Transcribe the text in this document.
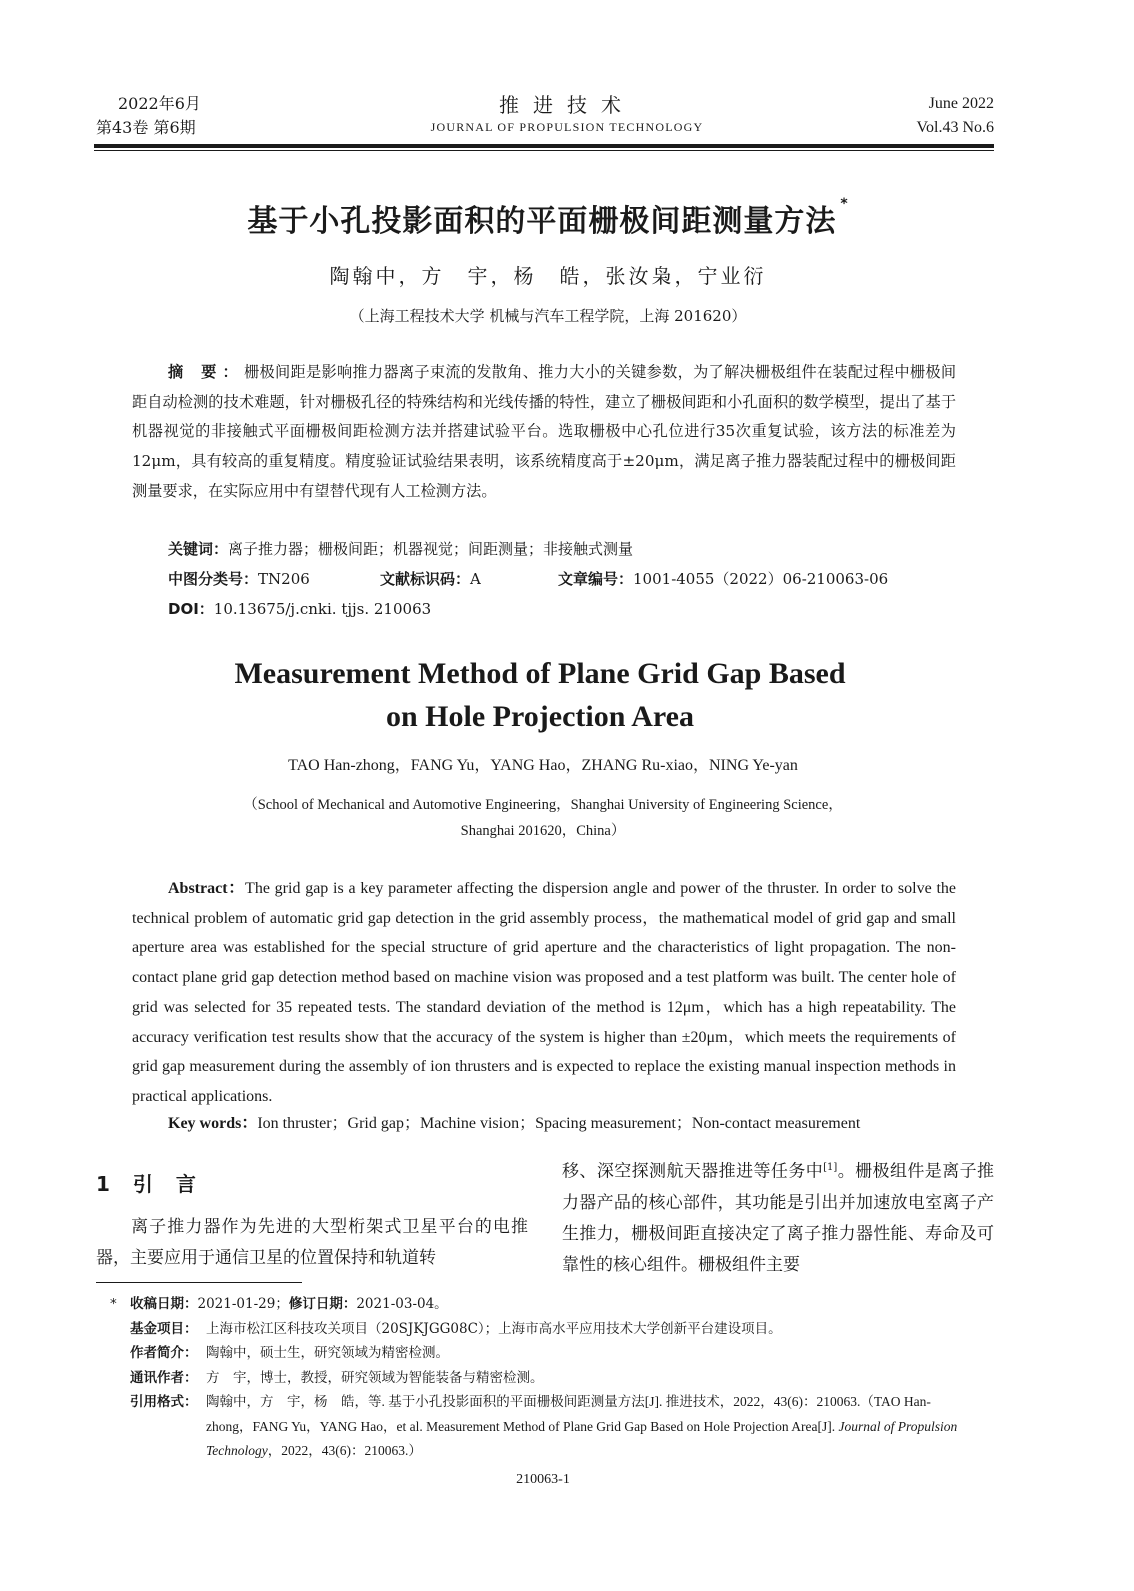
2022年6月
第43卷 第6期
推进技术
JOURNAL OF PROPULSION TECHNOLOGY
June 2022
Vol.43 No.6
基于小孔投影面积的平面栅极间距测量方法 *
陶翰中，方　宇，杨　皓，张汝枭，宁业衍
（上海工程技术大学 机械与汽车工程学院，上海 201620）
摘 要：栅极间距是影响推力器离子束流的发散角、推力大小的关键参数，为了解决栅极组件在装配过程中栅极间距自动检测的技术难题，针对栅极孔径的特殊结构和光线传播的特性，建立了栅极间距和小孔面积的数学模型，提出了基于机器视觉的非接触式平面栅极间距检测方法并搭建试验平台。选取栅极中心孔位进行35次重复试验，该方法的标准差为12μm，具有较高的重复精度。精度验证试验结果表明，该系统精度高于±20μm，满足离子推力器装配过程中的栅极间距测量要求，在实际应用中有望替代现有人工检测方法。
关键词：离子推力器；栅极间距；机器视觉；间距测量；非接触式测量
中图分类号：TN206	文献标识码：A	文章编号：1001-4055（2022）06-210063-06
DOI：10.13675/j.cnki. tjjs. 210063
Measurement Method of Plane Grid Gap Based
on Hole Projection Area
TAO Han-zhong，FANG Yu，YANG Hao，ZHANG Ru-xiao，NING Ye-yan
（School of Mechanical and Automotive Engineering，Shanghai University of Engineering Science，
Shanghai 201620，China）
Abstract：The grid gap is a key parameter affecting the dispersion angle and power of the thruster. In order to solve the technical problem of automatic grid gap detection in the grid assembly process，the mathematical model of grid gap and small aperture area was established for the special structure of grid aperture and the characteristics of light propagation. The non-contact plane grid gap detection method based on machine vision was proposed and a test platform was built. The center hole of grid was selected for 35 repeated tests. The standard deviation of the method is 12μm，which has a high repeatability. The accuracy verification test results show that the accuracy of the system is higher than ±20μm，which meets the requirements of grid gap measurement during the assembly of ion thrusters and is expected to replace the existing manual inspection methods in practical applications.
Key words：Ion thruster；Grid gap；Machine vision；Spacing measurement；Non-contact measurement
1 引 言
离子推力器作为先进的大型桁架式卫星平台的电推器，主要应用于通信卫星的位置保持和轨道转
移、深空探测航天器推进等任务中[1]。栅极组件是离子推力器产品的核心部件，其功能是引出并加速放电室离子产生推力，栅极间距直接决定了离子推力器性能、寿命及可靠性的核心组件。栅极组件主要
* 收稿日期：2021-01-29；修订日期：2021-03-04。
基金项目： 上海市松江区科技攻关项目（20SJKJGG08C）；上海市高水平应用技术大学创新平台建设项目。
作者简介： 陶翰中，硕士生，研究领域为精密检测。
通讯作者： 方　宇，博士，教授，研究领域为智能装备与精密检测。
引用格式： 陶翰中，方　宇，杨　皓，等. 基于小孔投影面积的平面栅极间距测量方法[J]. 推进技术，2022，43(6)：210063.（TAO Han-zhong，FANG Yu，YANG Hao，et al. Measurement Method of Plane Grid Gap Based on Hole Projection Area[J]. Journal of Propulsion Technology，2022，43(6)：210063.）
210063-1
